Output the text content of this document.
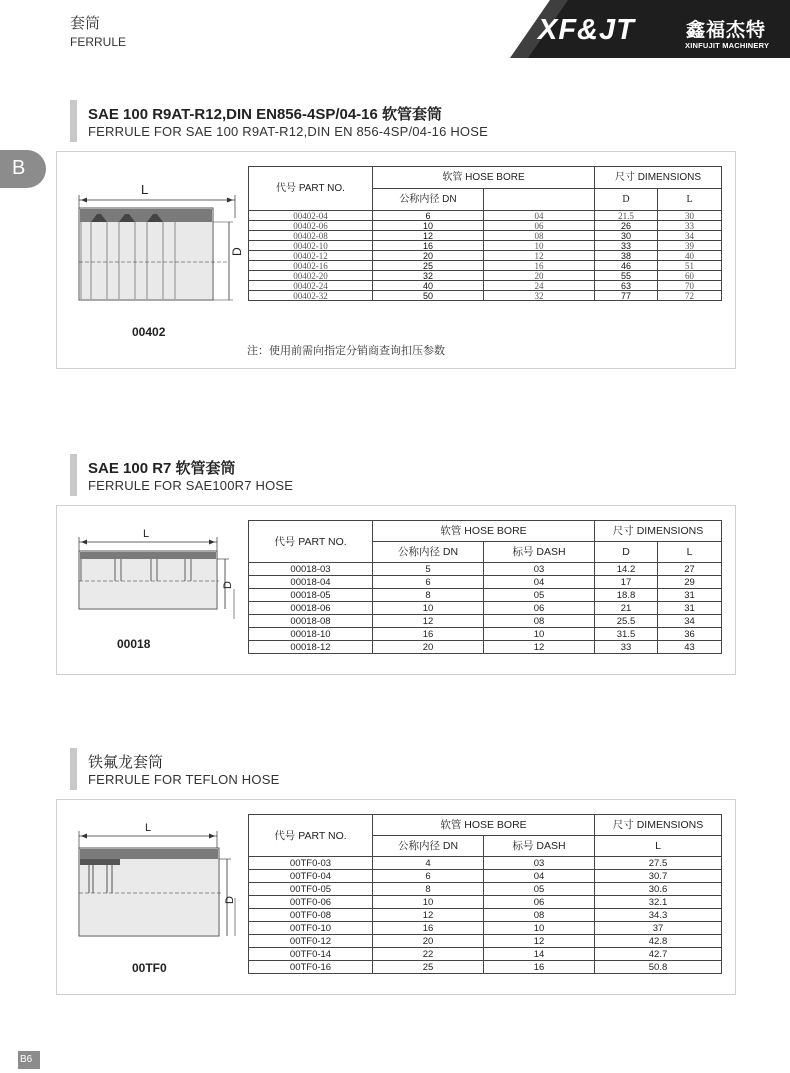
套筒
FERRULE	XF&JT	鑫福杰特
XINFUJIT MACHINERY
B
SAE 100 R9AT-R12,DIN EN856-4SP/04-16 软管套筒
FERRULE FOR SAE 100 R9AT-R12,DIN EN 856-4SP/04-16 HOSE
L
D
00402
代号 PART NO.	软管 HOSE BORE		尺寸 DIMENSIONS	
	公称内径 DN		D	L
00402-04	6	04	21.5	30
00402-06	10	06	26	33
00402-08	12	08	30	34
00402-10	16	10	33	39
00402-12	20	12	38	40
00402-16	25	16	46	51
00402-20	32	20	55	60
00402-24	40	24	63	70
00402-32	50	32	77	72
注：使用前需向指定分销商查询扣压参数
SAE 100 R7 软管套筒
FERRULE FOR SAE100R7 HOSE
L
D
00018
代号 PART NO.	软管 HOSE BORE		尺寸 DIMENSIONS	
	公称内径 DN	标号 DASH	D	L
00018-03	5	03	14.2	27
00018-04	6	04	17	29
00018-05	8	05	18.8	31
00018-06	10	06	21	31
00018-08	12	08	25.5	34
00018-10	16	10	31.5	36
00018-12	20	12	33	43
铁氟龙套筒
FERRULE FOR TEFLON HOSE
L
D
00TF0
代号 PART NO.	软管 HOSE BORE		尺寸 DIMENSIONS
	公称内径 DN	标号 DASH	L
00TF0-03	4	03	27.5
00TF0-04	6	04	30.7
00TF0-05	8	05	30.6
00TF0-06	10	06	32.1
00TF0-08	12	08	34.3
00TF0-10	16	10	37
00TF0-12	20	12	42.8
00TF0-14	22	14	42.7
00TF0-16	25	16	50.8
B6
